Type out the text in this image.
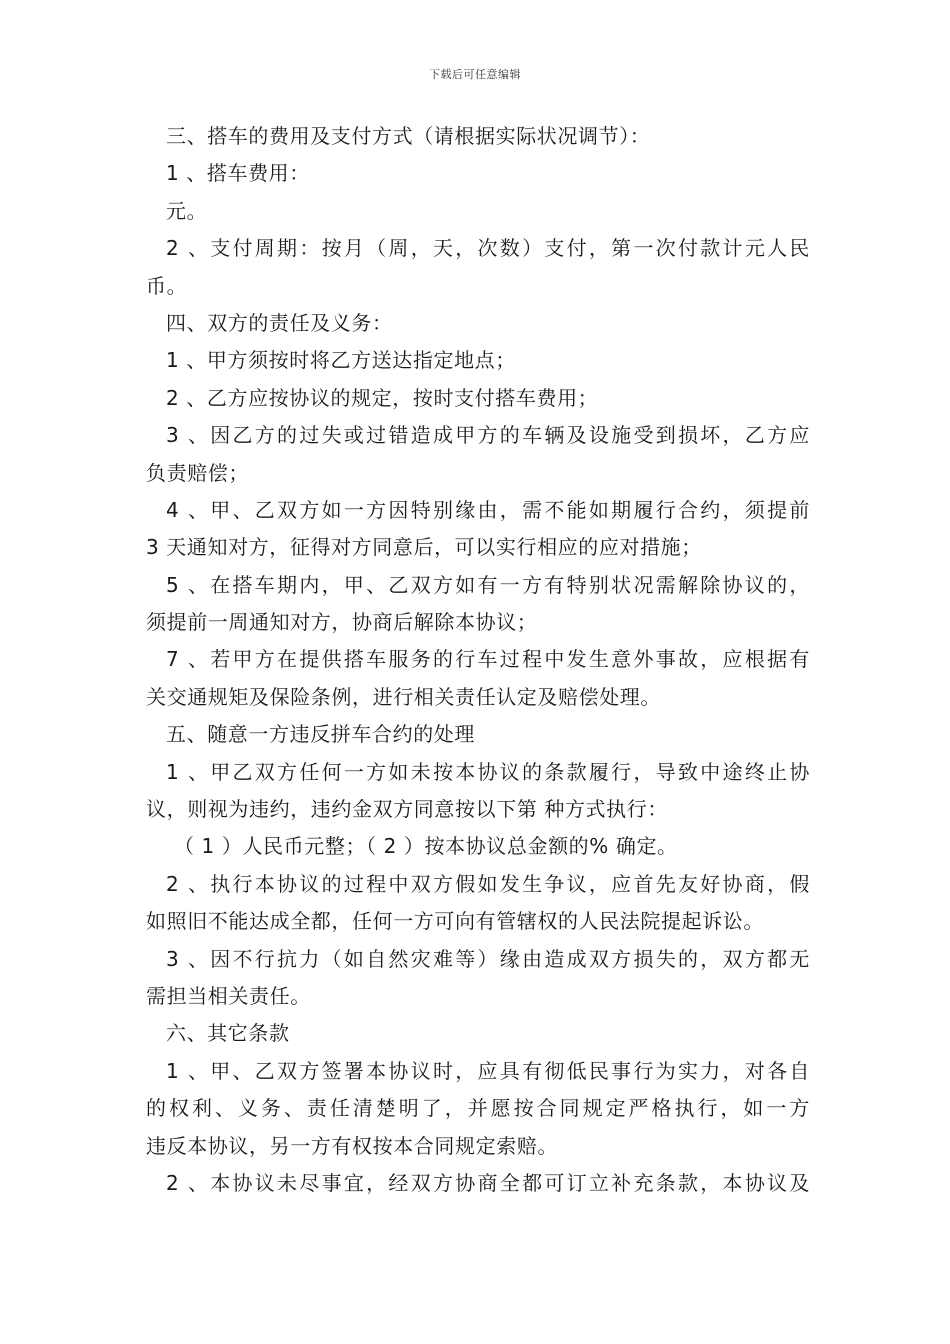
下载后可任意编辑
三、搭车的费用及支付方式（请根据实际状况调节）：
1 、搭车费用：
元。
2 、支付周期：按月（周，天，次数）支付，第一次付款计元人民
币。
四、双方的责任及义务：
1 、甲方须按时将乙方送达指定地点；
2 、乙方应按协议的规定，按时支付搭车费用；
3 、因乙方的过失或过错造成甲方的车辆及设施受到损坏，乙方应
负责赔偿；
4 、甲、乙双方如一方因特别缘由，需不能如期履行合约，须提前
3 天通知对方，征得对方同意后，可以实行相应的应对措施；
5 、在搭车期内，甲、乙双方如有一方有特别状况需解除协议的，
须提前一周通知对方，协商后解除本协议；
7 、若甲方在提供搭车服务的行车过程中发生意外事故，应根据有
关交通规矩及保险条例，进行相关责任认定及赔偿处理。
五、随意一方违反拼车合约的处理
1 、甲乙双方任何一方如未按本协议的条款履行，导致中途终止协
议，则视为违约，违约金双方同意按以下第 种方式执行：
（ 1 ）人民币元整；（ 2 ）按本协议总金额的% 确定。
2 、执行本协议的过程中双方假如发生争议，应首先友好协商，假
如照旧不能达成全都，任何一方可向有管辖权的人民法院提起诉讼。
3 、因不行抗力（如自然灾难等）缘由造成双方损失的，双方都无
需担当相关责任。
六、其它条款
1 、甲、乙双方签署本协议时，应具有彻低民事行为实力，对各自
的权利、义务、责任清楚明了，并愿按合同规定严格执行，如一方
违反本协议，另一方有权按本合同规定索赔。
2 、本协议未尽事宜，经双方协商全都可订立补充条款，本协议及
